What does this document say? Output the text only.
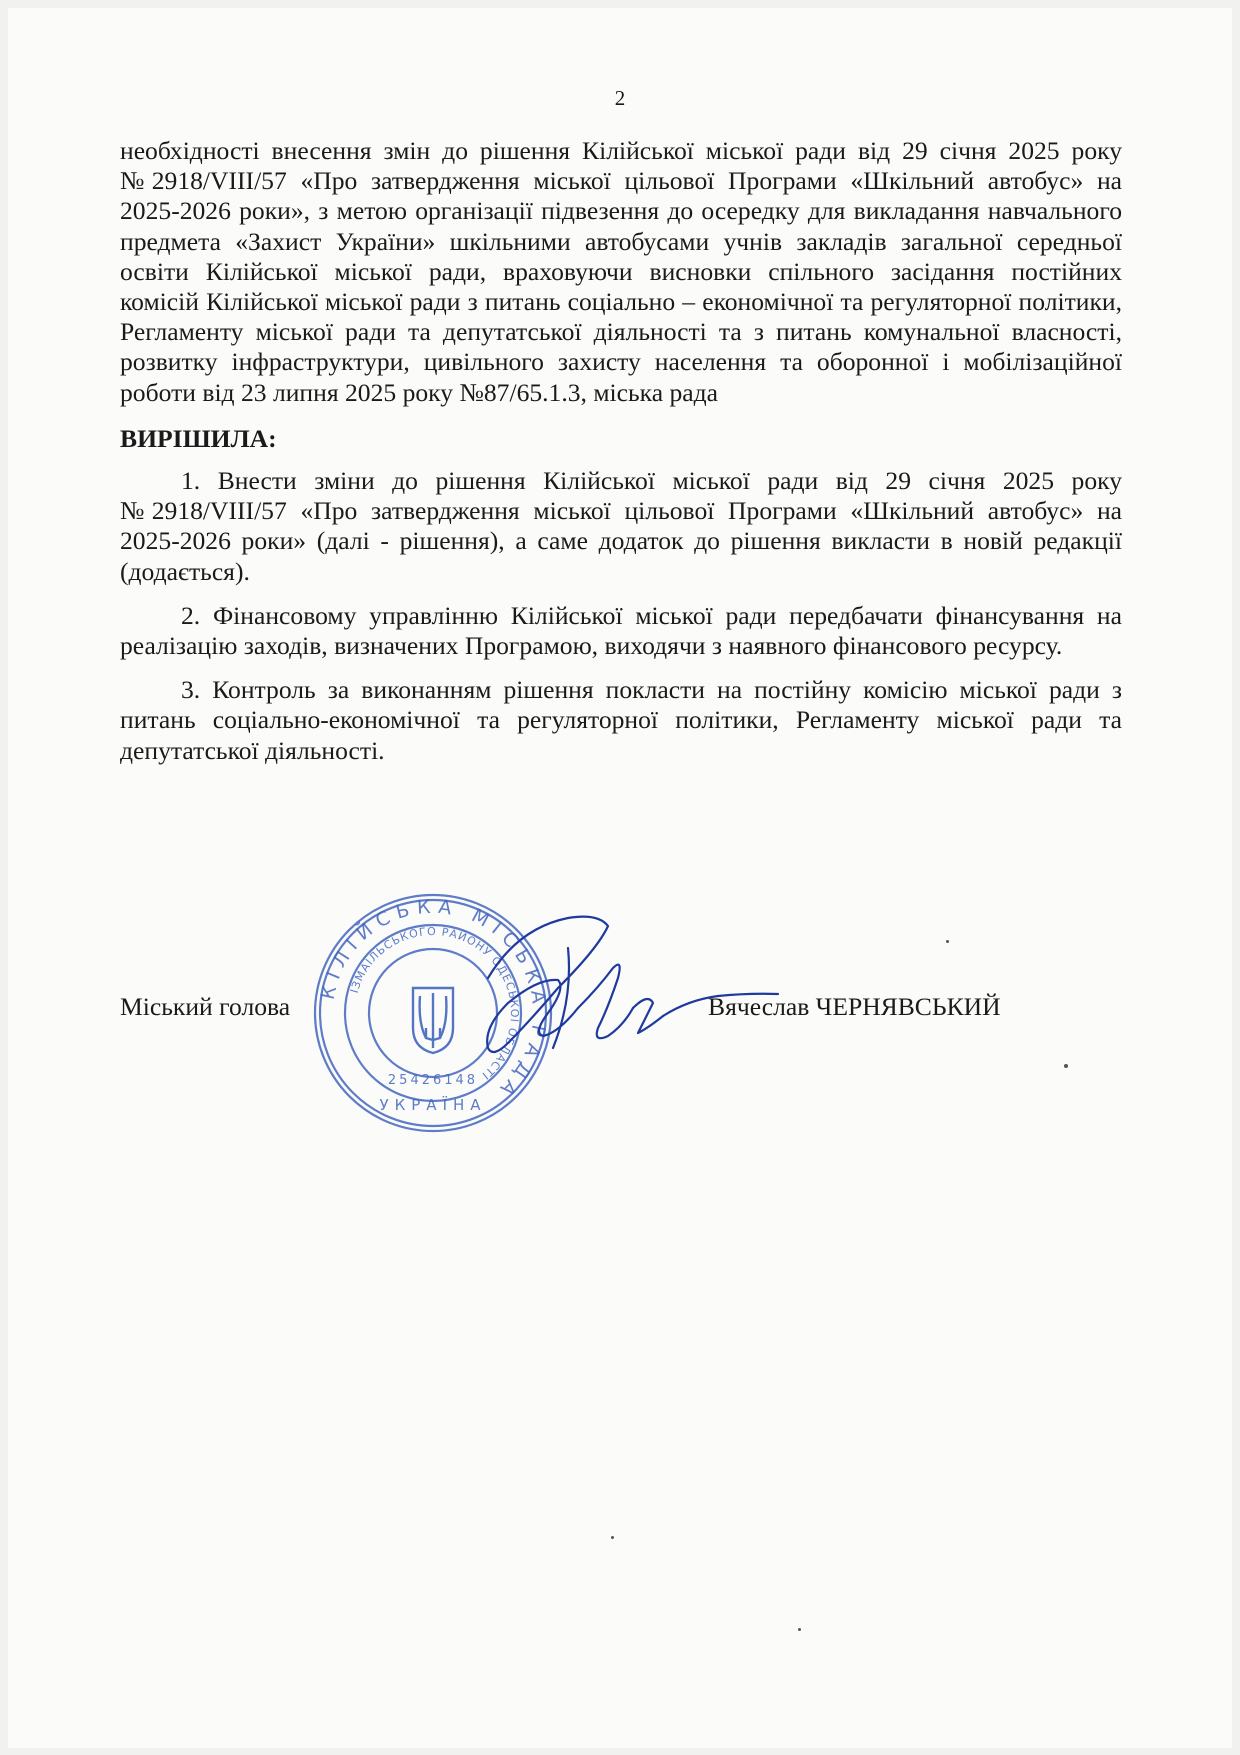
2

необхідності внесення змін до рішення Кілійської міської ради від 29 січня 2025 року №2918/VIII/57 «Про затвердження міської цільової Програми «Шкільний автобус» на 2025-2026 роки», з метою організації підвезення до осередку для викладання навчального предмета «Захист України» шкільними автобусами учнів закладів загальної середньої освіти Кілійської міської ради, враховуючи висновки спільного засідання постійних комісій Кілійської міської ради з питань соціально – економічної та регуляторної політики, Регламенту міської ради та депутатської діяльності та з питань комунальної власності, розвитку інфраструктури, цивільного захисту населення та оборонної і мобілізаційної роботи від 23 липня 2025 року №87/65.1.3, міська рада

ВИРІШИЛА:

1. Внести зміни до рішення Кілійської міської ради від 29 січня 2025 року №2918/VIII/57 «Про затвердження міської цільової Програми «Шкільний автобус» на 2025-2026 роки» (далі - рішення), а саме додаток до рішення викласти в новій редакції (додається).

2. Фінансовому управлінню Кілійської міської ради передбачати фінансування на реалізацію заходів, визначених Програмою, виходячи з наявного фінансового ресурсу.

3. Контроль за виконанням рішення покласти на постійну комісію міської ради з питань соціально-економічної та регуляторної політики, Регламенту міської ради та депутатської діяльності.

КІЛІЙСЬКА МІСЬКА РАДА
ІЗМАЇЛЬСЬКОГО РАЙОНУ ОДЕСЬКОЇ ОБЛАСТІ
25426148
УКРАЇНА
Міський голова	Вячеслав ЧЕРНЯВСЬКИЙ
